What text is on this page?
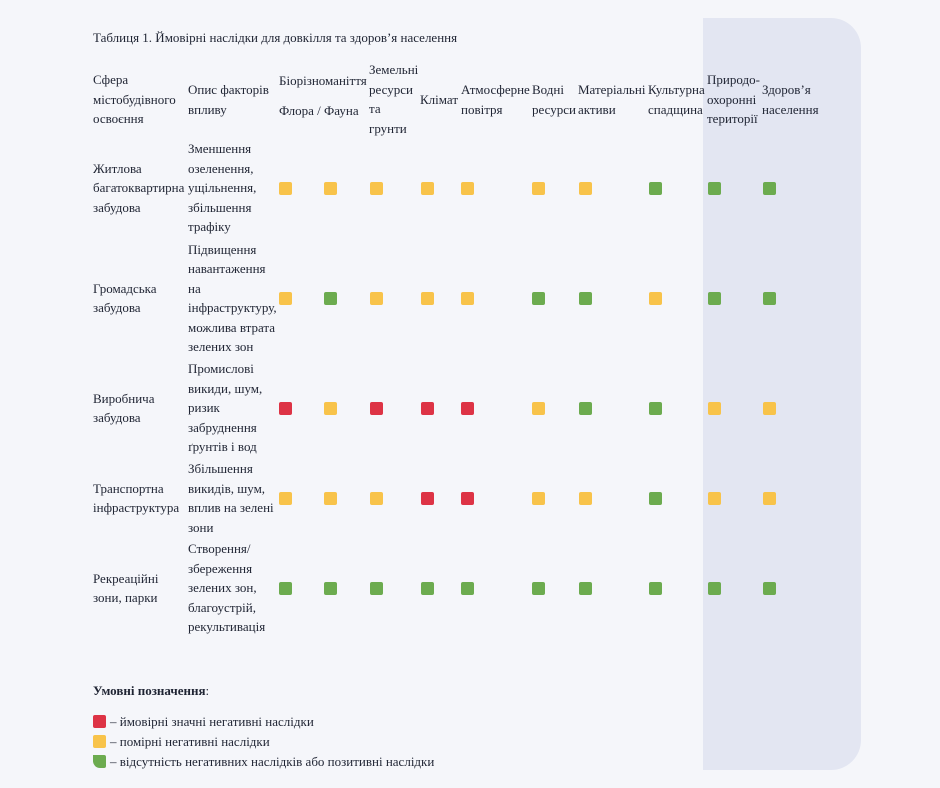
Таблиця 1. Ймовірні наслідки для довкілля та здоров’я населення
Сфера
містобудівного
освоєння
Опис факторів
впливу
Біорізноманіття
Флора / Фауна
Земельні
ресурси
та
грунти
Клімат
Атмосферне
повітря
Водні
ресурси
Матеріальні
активи
Культурна
спадщина
Природо-
охоронні
території
Здоров’я
населення
Житлова
багатоквартирна
забудова
Зменшення
озеленення,
ущільнення,
збільшення
трафіку
Громадська
забудова
Підвищення
навантаження
на
інфраструктуру,
можлива втрата
зелених зон
Виробнича
забудова
Промислові
викиди, шум,
ризик
забруднення
ґрунтів і вод
Транспортна
інфраструктура
Збільшення
викидів, шум,
вплив на зелені
зони
Рекреаційні
зони, парки
Створення/
збереження
зелених зон,
благоустрій,
рекультивація
Умовні позначення:
– ймовірні значні негативні наслідки
– помірні негативні наслідки
– відсутність негативних наслідків або позитивні наслідки
